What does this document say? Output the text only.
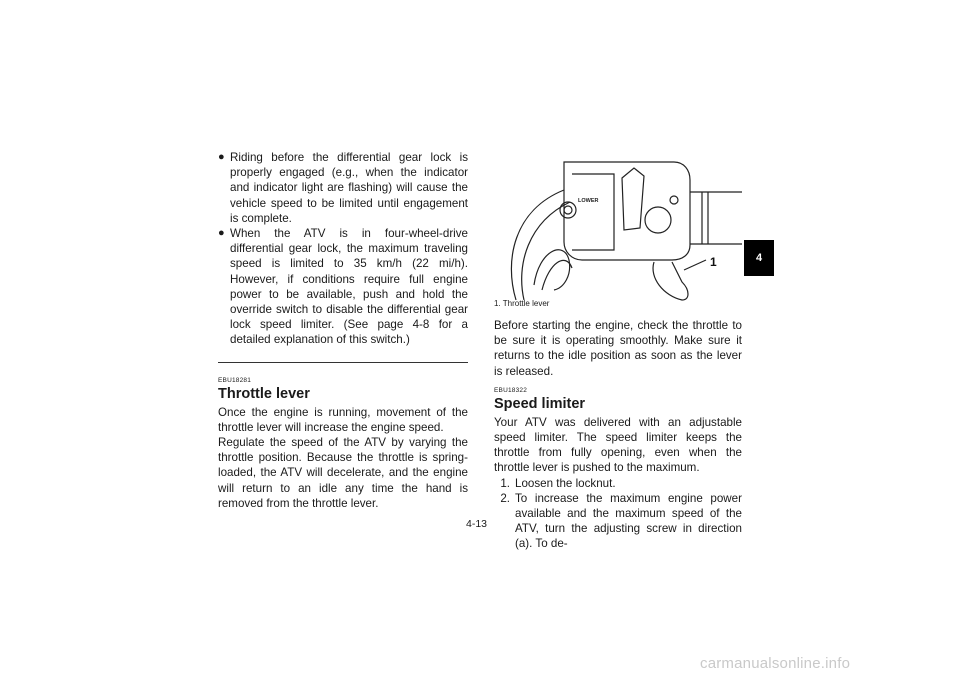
● Riding before the differential gear lock is properly engaged (e.g., when the indicator and indicator light are flashing) will cause the vehicle speed to be limited until engagement is complete.
● When the ATV is in four-wheel-drive differential gear lock, the maximum traveling speed is limited to 35 km/h (22 mi/h). However, if conditions require full engine power to be available, push and hold the override switch to disable the differential gear lock speed limiter. (See page 4-8 for a detailed explanation of this switch.)

EBU18281

Throttle lever

Once the engine is running, movement of the throttle lever will increase the engine speed.

Regulate the speed of the ATV by varying the throttle position. Because the throttle is spring-loaded, the ATV will decelerate, and the engine will return to an idle any time the hand is removed from the throttle lever.

LOWER
1
1. Throttle lever

Before starting the engine, check the throttle to be sure it is operating smoothly. Make sure it returns to the idle position as soon as the lever is released.

EBU18322

Speed limiter

Your ATV was delivered with an adjustable speed limiter. The speed limiter keeps the throttle from fully opening, even when the throttle lever is pushed to the maximum.

1. Loosen the locknut.
2. To increase the maximum engine power available and the maximum speed of the ATV, turn the adjusting screw in direction (a). To de-
4-13
4
carmanualsonline.info
